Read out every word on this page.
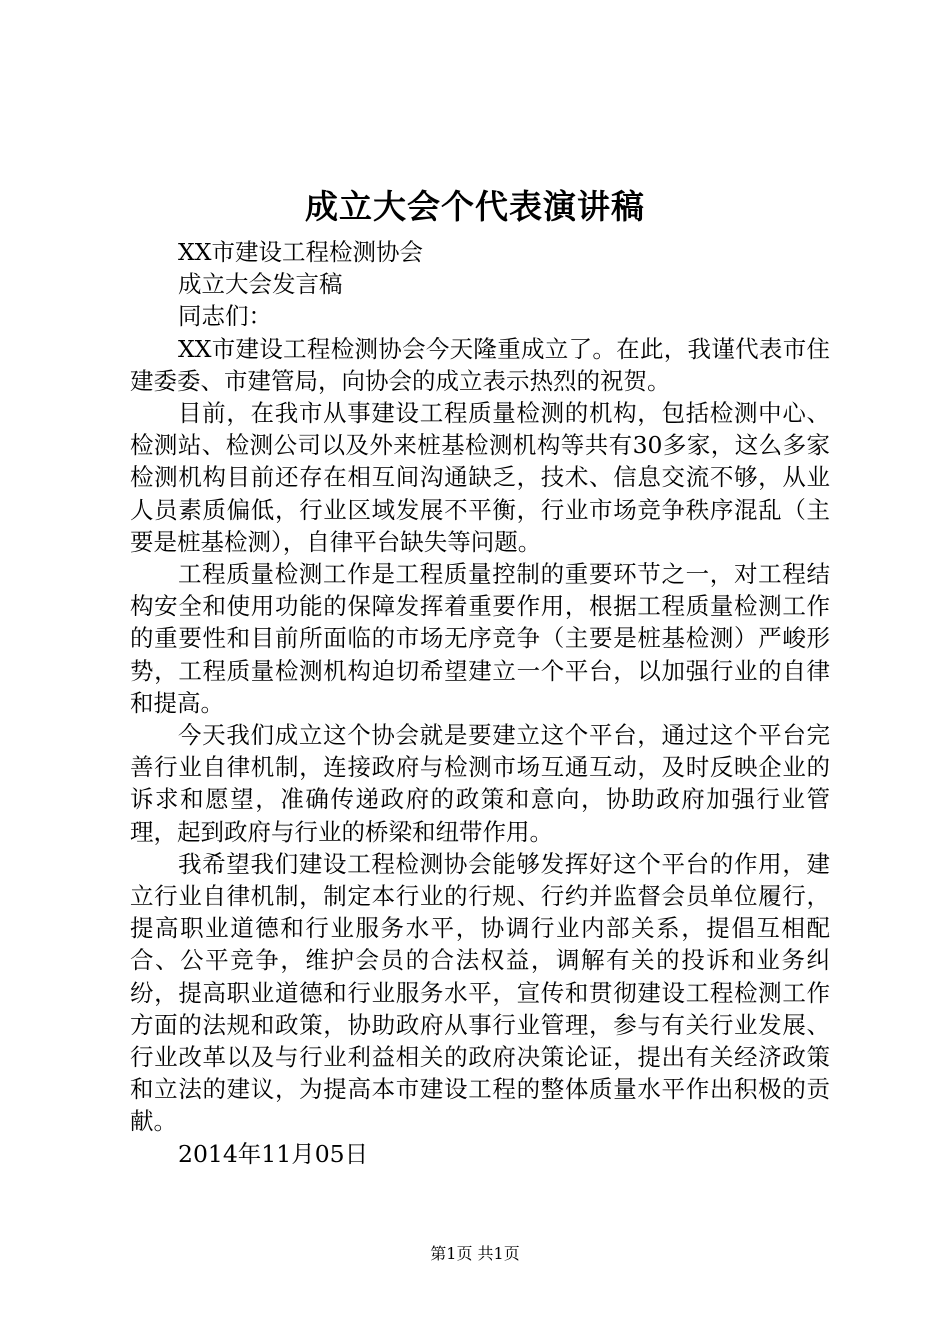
成立大会个代表演讲稿

XX市建设工程检测协会

成立大会发言稿

同志们：

XX市建设工程检测协会今天隆重成立了。在此，我谨代表市住建委委、市建管局，向协会的成立表示热烈的祝贺。

目前，在我市从事建设工程质量检测的机构，包括检测中心、检测站、检测公司以及外来桩基检测机构等共有30多家，这么多家检测机构目前还存在相互间沟通缺乏，技术、信息交流不够，从业人员素质偏低，行业区域发展不平衡，行业市场竞争秩序混乱（主要是桩基检测），自律平台缺失等问题。

工程质量检测工作是工程质量控制的重要环节之一，对工程结构安全和使用功能的保障发挥着重要作用，根据工程质量检测工作的重要性和目前所面临的市场无序竞争（主要是桩基检测）严峻形势，工程质量检测机构迫切希望建立一个平台，以加强行业的自律和提高。

今天我们成立这个协会就是要建立这个平台，通过这个平台完善行业自律机制，连接政府与检测市场互通互动，及时反映企业的诉求和愿望，准确传递政府的政策和意向，协助政府加强行业管理，起到政府与行业的桥梁和纽带作用。

我希望我们建设工程检测协会能够发挥好这个平台的作用，建立行业自律机制，制定本行业的行规、行约并监督会员单位履行，提高职业道德和行业服务水平，协调行业内部关系，提倡互相配合、公平竞争，维护会员的合法权益，调解有关的投诉和业务纠纷，提高职业道德和行业服务水平，宣传和贯彻建设工程检测工作方面的法规和政策，协助政府从事行业管理，参与有关行业发展、行业改革以及与行业利益相关的政府决策论证，提出有关经济政策和立法的建议，为提高本市建设工程的整体质量水平作出积极的贡献。

2014年11月05日

第1页 共1页
